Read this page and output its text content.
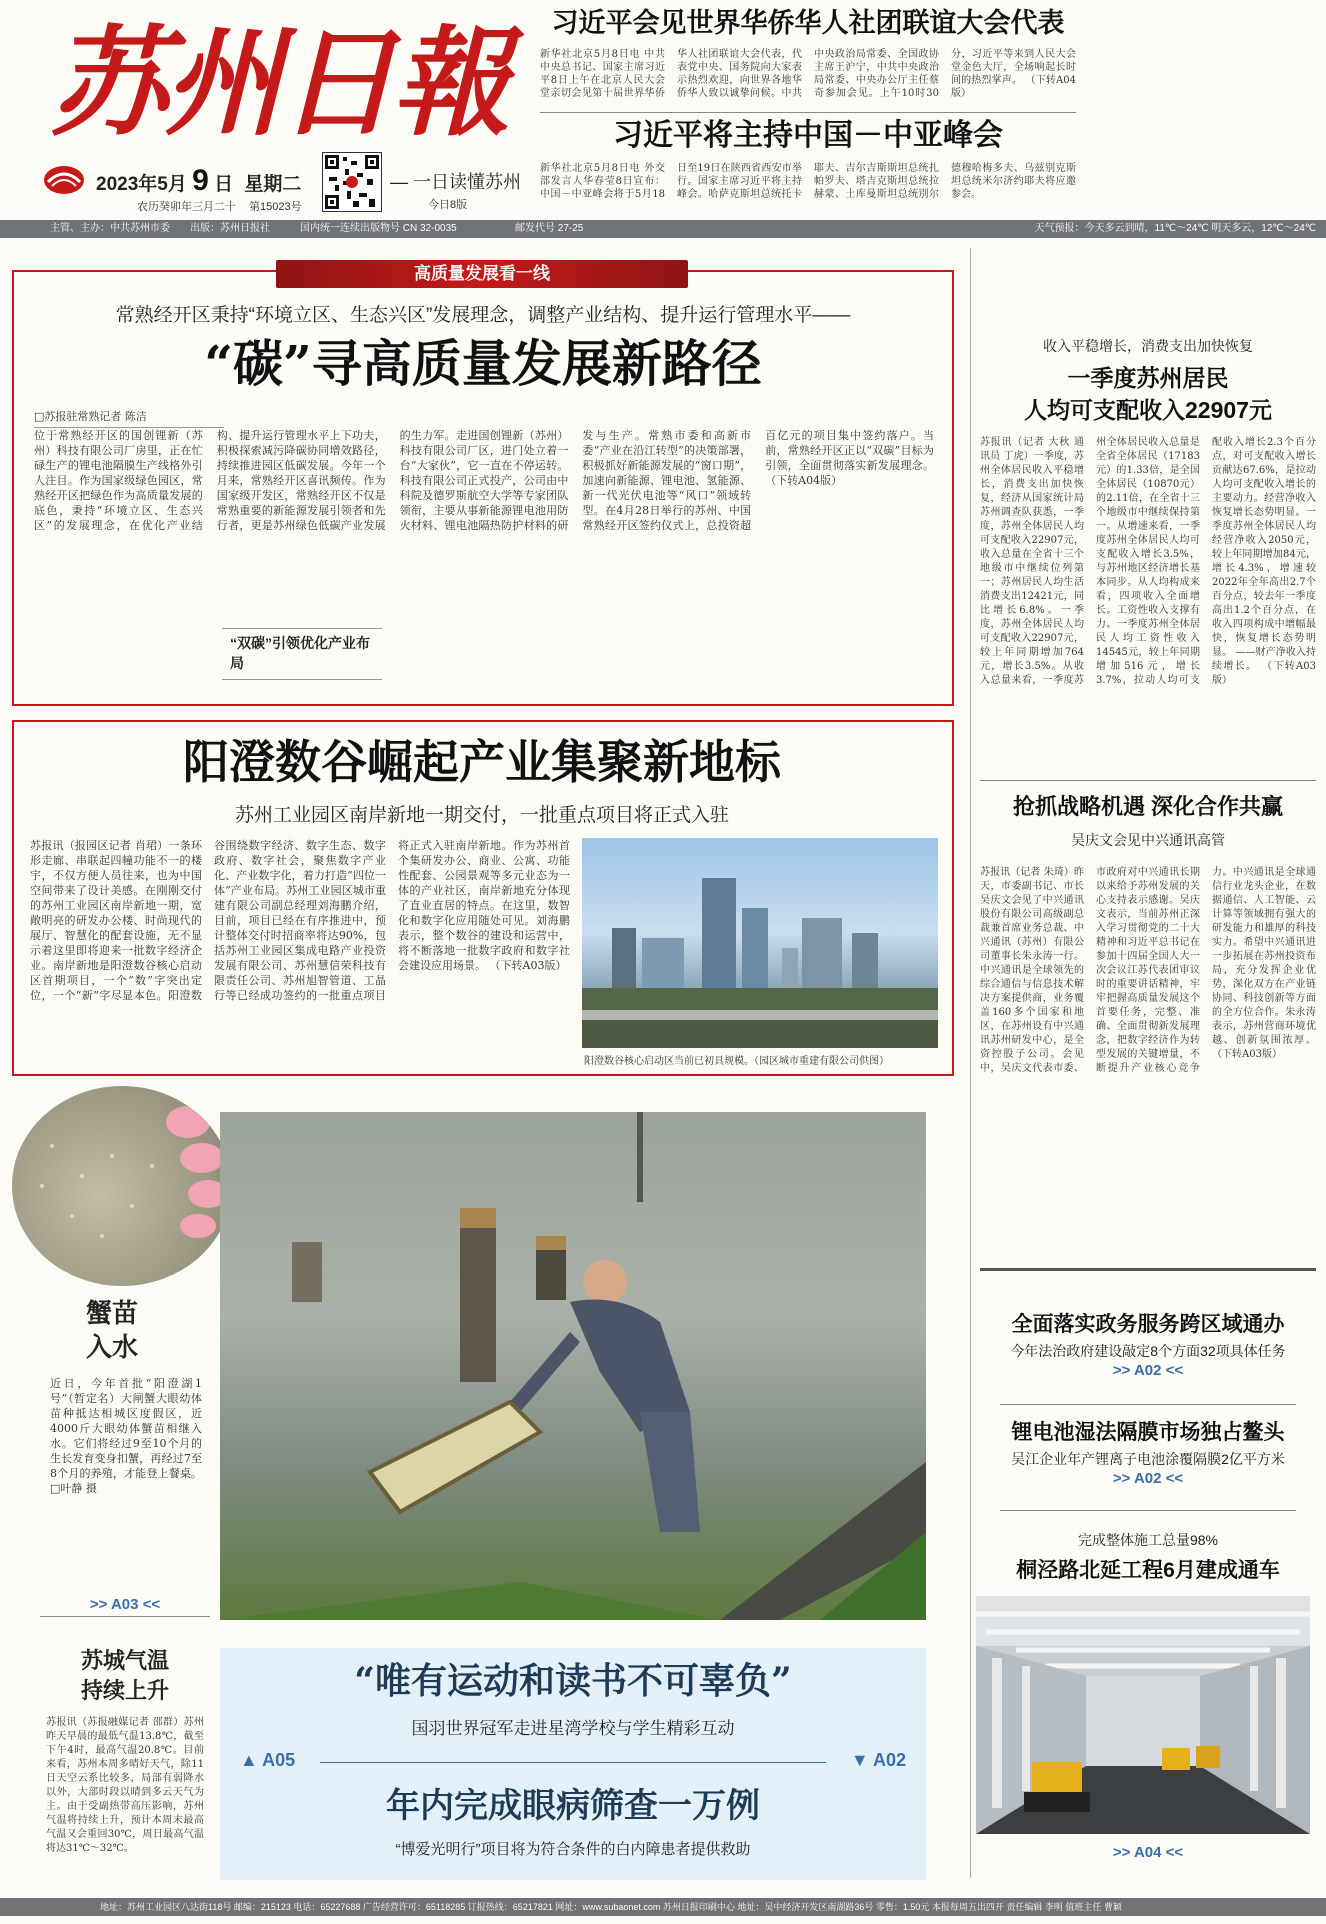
苏州日報
2023年5月 9 日 星期二
农历癸卯年三月二十 第15023号
— 一日读懂苏州
今日8版
习近平会见世界华侨华人社团联谊大会代表
新华社北京5月8日电 中共中央总书记、国家主席习近平8日上午在北京人民大会堂亲切会见第十届世界华侨华人社团联谊大会代表，代表党中央、国务院向大家表示热烈欢迎，向世界各地华侨华人致以诚挚问候。中共中央政治局常委、全国政协主席王沪宁，中共中央政治局常委、中央办公厅主任蔡奇参加会见。上午10时30分，习近平等来到人民大会堂金色大厅，全场响起长时间的热烈掌声。 （下转A04版）
习近平将主持中国－中亚峰会
新华社北京5月8日电 外交部发言人华春莹8日宣布：中国－中亚峰会将于5月18日至19日在陕西省西安市举行。国家主席习近平将主持峰会。哈萨克斯坦总统托卡耶夫、吉尔吉斯斯坦总统扎帕罗夫、塔吉克斯坦总统拉赫蒙、土库曼斯坦总统別尔德穆哈梅多夫、乌兹别克斯坦总统米尔济约耶夫将应邀参会。
主管、主办：中共苏州市委 出版：苏州日报社	国内统一连续出版物号 CN 32-0035	邮发代号 27-25	天气预报：今天多云到晴，11℃～24℃ 明天多云，12℃～24℃
高质量发展看一线
常熟经开区秉持“环境立区、生态兴区”发展理念，调整产业结构、提升运行管理水平——
“碳”寻高质量发展新路径
□苏报驻常熟记者 陈洁
“双碳”引领优化产业布局
位于常熟经开区的国创锂新（苏州）科技有限公司厂房里，正在忙碌生产的锂电池隔膜生产线格外引人注目。作为国家级绿色园区，常熟经开区把绿色作为高质量发展的底色，秉持“环境立区、生态兴区”的发展理念，在优化产业结构、提升运行管理水平上下功夫，积极探索减污降碳协同增效路径，持续推进园区低碳发展。今年一个月来，常熟经开区喜讯频传。作为国家级开发区，常熟经开区不仅是常熟重要的新能源发展引领者和先行者，更是苏州绿色低碳产业发展的生力军。走进国创锂新（苏州）科技有限公司厂区，进门处立着一台“大家伙”，它一直在不停运转。科技有限公司正式投产，公司由中科院及德罗斯航空大学等专家团队领衔，主要从事新能源锂电池用防火材料、锂电池隔热防护材料的研发与生产。常熟市委和高新市委“产业在沿江转型”的决策部署，积极抓好新能源发展的“窗口期”，加速向新能源、锂电池、氢能源、新一代光伏电池等“风口”领域转型。在4月28日举行的苏州、中国常熟经开区签约仪式上，总投资超百亿元的项目集中签约落户。当前，常熟经开区正以“双碳”目标为引领，全面贯彻落实新发展理念。 （下转A04版）
阳澄数谷崛起产业集聚新地标
苏州工业园区南岸新地一期交付，一批重点项目将正式入驻
苏报讯（报园区记者 肖珺）一条环形走廊、串联起四幢功能不一的楼宇，不仅方便人员往来，也为中国空间带来了设计美感。在刚刚交付的苏州工业园区南岸新地一期，宽敞明亮的研发办公楼、时尚现代的展厅、智慧化的配套设施，无不显示着这里即将迎来一批数字经济企业。南岸新地是阳澄数谷核心启动区首期项目，一个“数”字突出定位，一个“新”字尽显本色。阳澄数谷围绕数字经济、数字生态、数字政府、数字社会，聚焦数字产业化、产业数字化，着力打造“四位一体”产业布局。苏州工业园区城市重建有限公司副总经理刘海鹏介绍，目前，项目已经在有序推进中，预计整体交付时招商率将达90%，包括苏州工业园区集成电路产业投资发展有限公司、苏州慧信荣科技有限责任公司、苏州旭智管道、工晶行等已经成功签约的一批重点项目将正式入驻南岸新地。作为苏州首个集研发办公、商业、公寓、功能性配套、公园景观等多元业态为一体的产业社区，南岸新地充分体现了直业直居的特点。在这里，数智化和数字化应用随处可见。刘海鹏表示，整个数谷的建设和运营中，将不断落地一批数字政府和数字社会建设应用场景。 （下转A03版）
阳澄数谷核心启动区当前已初具规模。（园区城市重建有限公司供图）
收入平稳增长，消费支出加快恢复
一季度苏州居民
人均可支配收入22907元
苏报讯（记者 大秋 通讯员 丁虎）一季度，苏州全体居民收入平稳增长，消费支出加快恢复，经济从国家统计局苏州调查队获悉，一季度，苏州全体居民人均可支配收入22907元，收入总量在全省十三个地级市中继续位列第一；苏州居民人均生活消费支出12421元，同比增长6.8%。一季度，苏州全体居民人均可支配收入22907元，较上年同期增加764元，增长3.5%。从收入总量来看，一季度苏州全体居民收入总量是全省全体居民（17183元）的1.33倍，是全国全体居民（10870元）的2.11倍，在全省十三个地级市中继续保持第一。从增速来看，一季度苏州全体居民人均可支配收入增长3.5%，与苏州地区经济增长基本同步。从人均构成来看，四项收入全面增长。工资性收入支撑有力。一季度苏州全体居民人均工资性收入14545元，较上年同期增加516元，增长3.7%，拉动人均可支配收入增长2.3个百分点，对可支配收入增长贡献达67.6%，是拉动人均可支配收入增长的主要动力。经营净收入恢复增长态势明显。一季度苏州全体居民人均经营净收入2050元，较上年同期增加84元，增长4.3%，增速较2022年全年高出2.7个百分点，较去年一季度高出1.2个百分点，在收入四项构成中增幅最快，恢复增长态势明显。 ——财产净收入持续增长。 （下转A03版）
抢抓战略机遇 深化合作共赢
吴庆文会见中兴通讯高管
苏报讯（记者 朱琦）昨天，市委副书记、市长吴庆文会见了中兴通讯股份有限公司高级副总裁兼首席业务总裁、中兴通讯（苏州）有限公司董事长朱永涛一行。中兴通讯是全球领先的综合通信与信息技术解决方案提供商，业务覆盖160多个国家和地区，在苏州设有中兴通讯苏州研发中心，是全资控股子公司。会见中，吴庆文代表市委、市政府对中兴通讯长期以来给予苏州发展的关心支持表示感谢。吴庆文表示，当前苏州正深入学习贯彻党的二十大精神和习近平总书记在参加十四届全国人大一次会议江苏代表团审议时的重要讲话精神，牢牢把握高质量发展这个首要任务，完整、准确、全面贯彻新发展理念，把数字经济作为转型发展的关键增量，不断提升产业核心竞争力。中兴通讯是全球通信行业龙头企业，在数据通信、人工智能、云计算等领域拥有强大的研发能力和雄厚的科技实力。希望中兴通讯进一步拓展在苏州投资布局，充分发挥企业优势，深化双方在产业链协同、科技创新等方面的全方位合作。朱永涛表示，苏州营商环境优越、创新氛围浓厚。 （下转A03版）
全面落实政务服务跨区域通办
今年法治政府建设敲定8个方面32项具体任务
>> A02 <<
锂电池湿法隔膜市场独占鳌头
吴江企业年产锂离子电池涂覆隔膜2亿平方米
>> A02 <<
完成整体施工总量98%
桐泾路北延工程6月建成通车
>> A04 <<
蟹苗
入水
近日，今年首批“阳澄湖1号”（暂定名）大闸蟹大眼幼体苗种抵达相城区度假区，近4000斤大眼幼体蟹苗相继入水。它们将经过9至10个月的生长发育变身扣蟹，再经过7至8个月的养殖，才能登上餐桌。□叶静 摄
>> A03 <<
苏城气温
持续上升
苏报讯（苏报融媒记者 邵群）苏州昨天早晨的最低气温13.8℃，截至下午4时，最高气温20.8℃。目前来看，苏州本周多晴好天气，除11日天空云系比较多，局部有弱降水以外，大部时段以晴到多云天气为主。由于受副热带高压影响，苏州气温将持续上升，预计本周末最高气温又会重回30℃，周日最高气温将达31℃～32℃。
“唯有运动和读书不可辜负”
国羽世界冠军走进星湾学校与学生精彩互动
▲ A05	▼ A02
年内完成眼病筛查一万例
“博爱光明行”项目将为符合条件的白内障患者提供救助
地址：苏州工业园区八达街118号 邮编：215123 电话：65227688 广告经营许可：65118285 订报热线：65217821 网址：www.subaonet.com 苏州日报印刷中心 地址：吴中经济开发区南湖路36号 零售：1.50元 本报每周五出四开 责任编辑 李明 值班主任 曹颖
